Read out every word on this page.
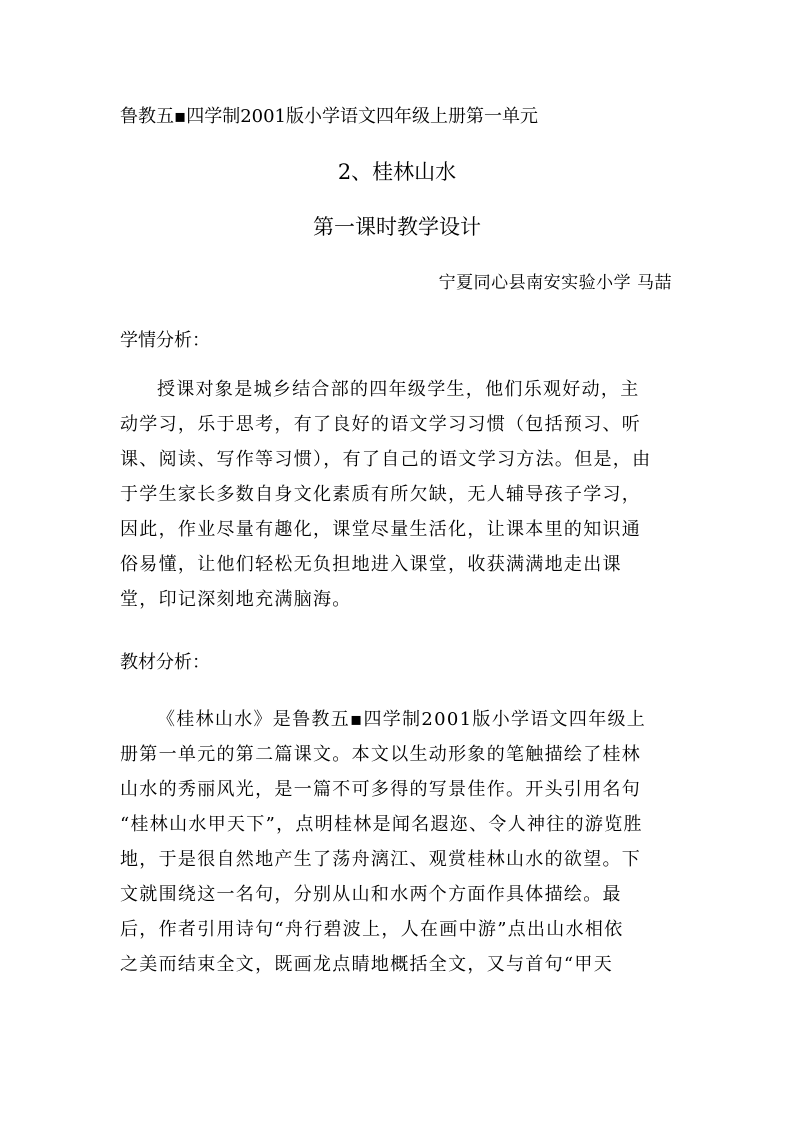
鲁教五▪四学制2001版小学语文四年级上册第一单元
2、桂林山水
第一课时教学设计
宁夏同心县南安实验小学 马喆
学情分析：
授课对象是城乡结合部的四年级学生，他们乐观好动，主
动学习，乐于思考，有了良好的语文学习习惯（包括预习、听
课、阅读、写作等习惯），有了自己的语文学习方法。但是，由
于学生家长多数自身文化素质有所欠缺，无人辅导孩子学习，
因此，作业尽量有趣化，课堂尽量生活化，让课本里的知识通
俗易懂，让他们轻松无负担地进入课堂，收获满满地走出课
堂，印记深刻地充满脑海。
教材分析：
《桂林山水》是鲁教五▪四学制2001版小学语文四年级上
册第一单元的第二篇课文。本文以生动形象的笔触描绘了桂林
山水的秀丽风光，是一篇不可多得的写景佳作。开头引用名句
“桂林山水甲天下”，点明桂林是闻名遐迩、令人神往的游览胜
地，于是很自然地产生了荡舟漓江、观赏桂林山水的欲望。下
文就围绕这一名句，分别从山和水两个方面作具体描绘。最
后，作者引用诗句“舟行碧波上，人在画中游”点出山水相依
之美而结束全文，既画龙点睛地概括全文，又与首句“甲天
